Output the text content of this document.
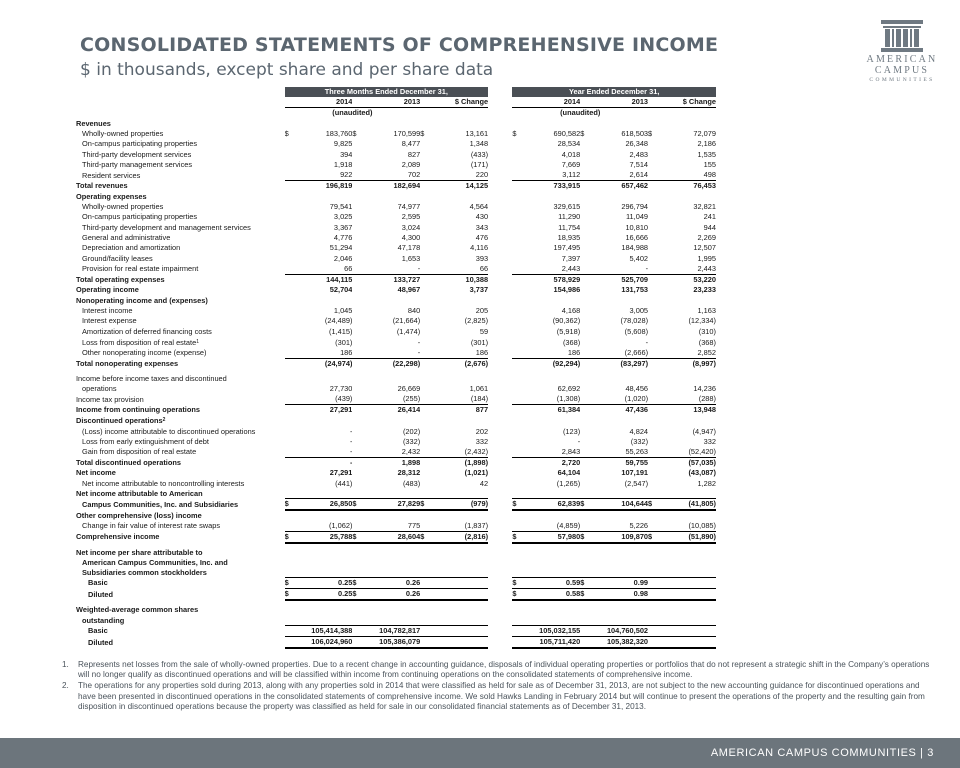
CONSOLIDATED STATEMENTS OF COMPREHENSIVE INCOME
$ in thousands, except share and per share data
AMERICAN
CAMPUS
COMMUNITIES
	Three Months Ended December 31,							Year Ended December 31,					
	2014		2013		$ Change			2014		2013		$ Change	
	(unaudited)							(unaudited)					
Revenues													
Wholly-owned properties	$	183,760	$	170,599	$	13,161		$	690,582	$	618,503	$	72,079
On-campus participating properties		9,825		8,477		1,348			28,534		26,348		2,186
Third-party development services		394		827		(433)			4,018		2,483		1,535
Third-party management services		1,918		2,089		(171)			7,669		7,514		155
Resident services		922		702		220			3,112		2,614		498
Total revenues		196,819		182,694		14,125			733,915		657,462		76,453
Operating expenses													
Wholly-owned properties		79,541		74,977		4,564			329,615		296,794		32,821
On-campus participating properties		3,025		2,595		430			11,290		11,049		241
Third-party development and management services		3,367		3,024		343			11,754		10,810		944
General and administrative		4,776		4,300		476			18,935		16,666		2,269
Depreciation and amortization		51,294		47,178		4,116			197,495		184,988		12,507
Ground/facility leases		2,046		1,653		393			7,397		5,402		1,995
Provision for real estate impairment		66		-		66			2,443		-		2,443
Total operating expenses		144,115		133,727		10,388			578,929		525,709		53,220
Operating income		52,704		48,967		3,737			154,986		131,753		23,233
Nonoperating income and (expenses)													
Interest income		1,045		840		205			4,168		3,005		1,163
Interest expense		(24,489)		(21,664)		(2,825)			(90,362)		(78,028)		(12,334)
Amortization of deferred financing costs		(1,415)		(1,474)		59			(5,918)		(5,608)		(310)
Loss from disposition of real estate$^1$		(301)		-		(301)			(368)		-		(368)
Other nonoperating income (expense)		186		-		186			186		(2,666)		2,852
Total nonoperating expenses		(24,974)		(22,298)		(2,676)			(92,294)		(83,297)		(8,997)

Income before income taxes and discontinued													
operations		27,730		26,669		1,061			62,692		48,456		14,236
Income tax provision		(439)		(255)		(184)			(1,308)		(1,020)		(288)
Income from continuing operations		27,291		26,414		877			61,384		47,436		13,948
Discontinued operations$^2$													
(Loss) income attributable to discontinued operations		-		(202)		202			(123)		4,824		(4,947)
Loss from early extinguishment of debt		-		(332)		332			-		(332)		332
Gain from disposition of real estate		-		2,432		(2,432)			2,843		55,263		(52,420)
Total discontinued operations		-		1,898		(1,898)			2,720		59,755		(57,035)
Net income		27,291		28,312		(1,021)			64,104		107,191		(43,087)
Net income attributable to noncontrolling interests		(441)		(483)		42			(1,265)		(2,547)		1,282
Net income attributable to American													
Campus Communities, Inc. and Subsidiaries	$	26,850	$	27,829	$	(979)		$	62,839	$	104,644	$	(41,805)
Other comprehensive (loss) income													
Change in fair value of interest rate swaps		(1,062)		775		(1,837)			(4,859)		5,226		(10,085)
Comprehensive income	$	25,788	$	28,604	$	(2,816)		$	57,980	$	109,870	$	(51,890)

Net income per share attributable to													
American Campus Communities, Inc. and													
Subsidiaries common stockholders													
Basic	$	0.25	$	0.26				$	0.59	$	0.99		
Diluted	$	0.25	$	0.26				$	0.58	$	0.98		

Weighted-average common shares													
outstanding													
Basic		105,414,388		104,782,817					105,032,155		104,760,502		
Diluted		106,024,960		105,386,079					105,711,420		105,382,320		
1. Represents net losses from the sale of wholly-owned properties. Due to a recent change in accounting guidance, disposals of individual operating properties or portfolios that do not represent a strategic shift in the Company’s operations will no longer qualify as discontinued operations and will be classified within income from continuing operations on the consolidated statements of comprehensive income.
2. The operations for any properties sold during 2013, along with any properties sold in 2014 that were classified as held for sale as of December 31, 2013, are not subject to the new accounting guidance for discontinued operations and have been presented in discontinued operations in the consolidated statements of comprehensive income. We sold Hawks Landing in February 2014 but will continue to present the operations of the property and the resulting gain from disposition in discontinued operations because the property was classified as held for sale in our consolidated financial statements as of December 31, 2013.
AMERICAN CAMPUS COMMUNITIES | 3
